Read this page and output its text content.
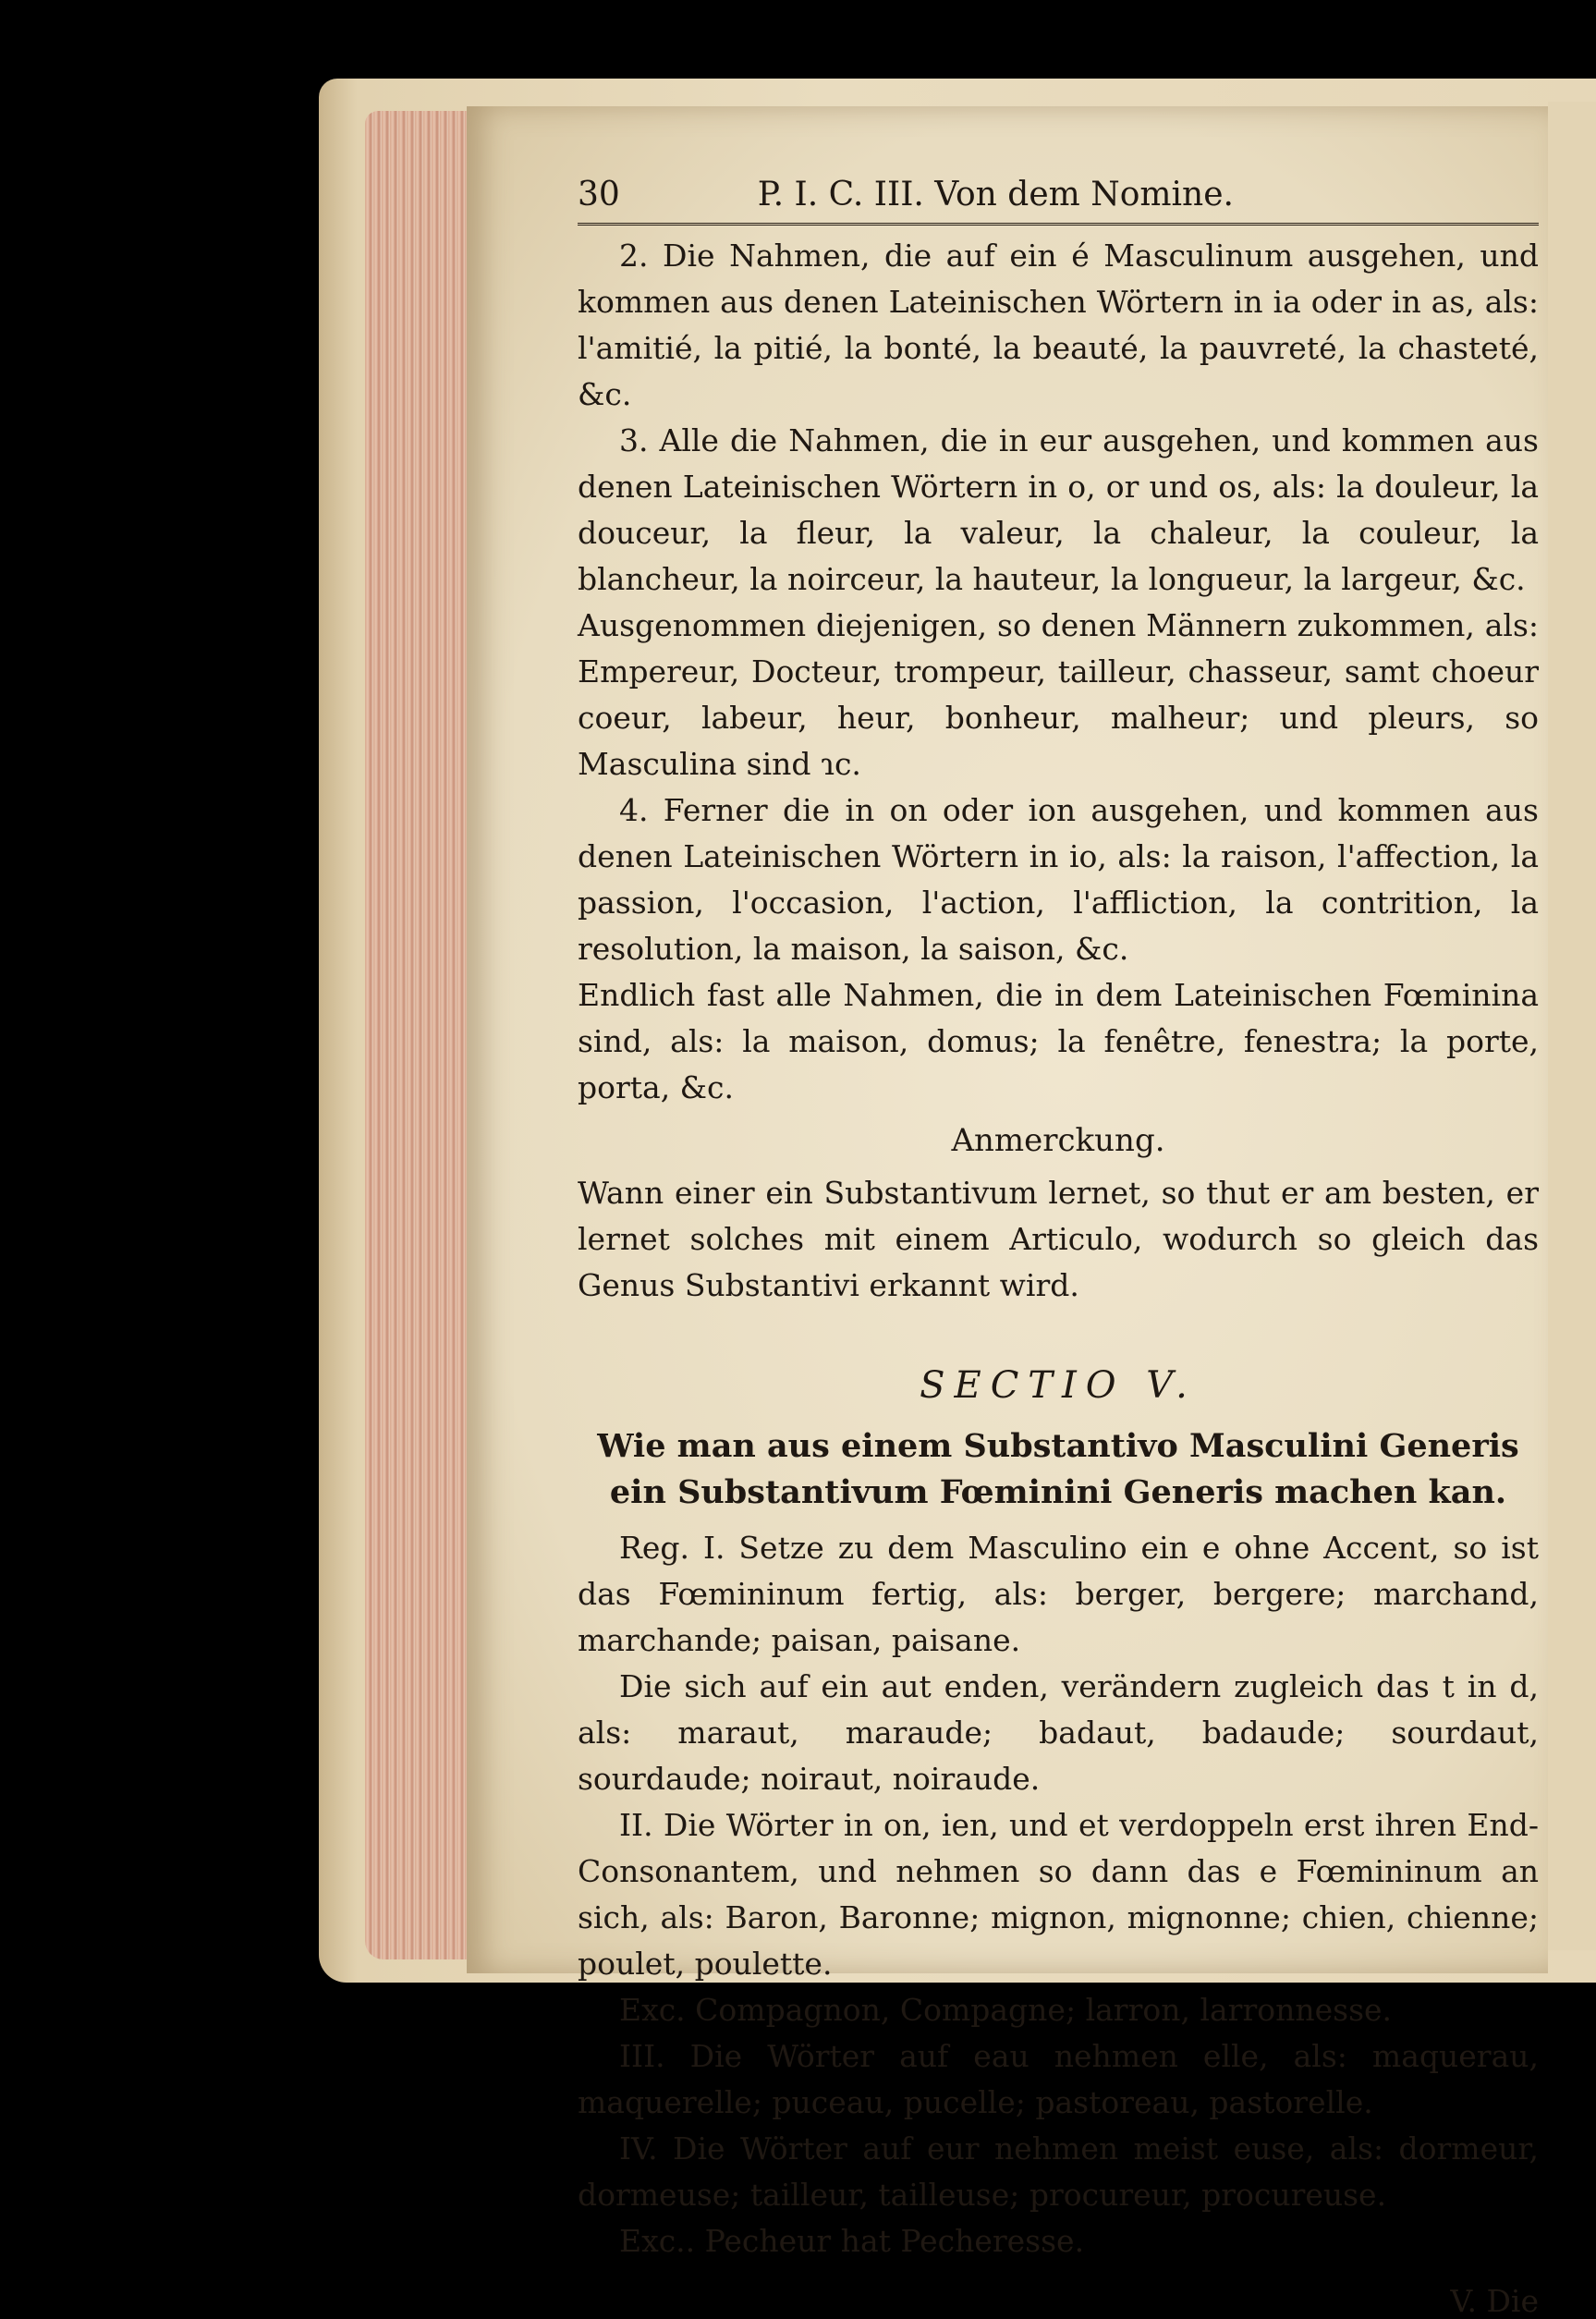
30	P. I. C. III. Von dem Nomine.

2. Die Nahmen, die auf ein é Masculinum ausgehen, und kommen aus denen Lateinischen Wörtern in ia oder in as, als: l'amitié, la pitié, la bonté, la beauté, la pauvreté, la chasteté, &c.

3. Alle die Nahmen, die in eur ausgehen, und kommen aus denen Lateinischen Wörtern in o, or und os, als: la douleur, la douceur, la fleur, la valeur, la chaleur, la couleur, la blancheur, la noirceur, la hauteur, la longueur, la largeur, &c.

Ausgenommen diejenigen, so denen Männern zukommen, als: Empereur, Docteur, trompeur, tailleur, chasseur, samt choeur coeur, labeur, heur, bonheur, malheur; und pleurs, so Masculina sind ɿc.

4. Ferner die in on oder ion ausgehen, und kommen aus denen Lateinischen Wörtern in io, als: la raison, l'affection, la passion, l'occasion, l'action, l'affliction, la contrition, la resolution, la maison, la saison, &c.

Endlich fast alle Nahmen, die in dem Lateinischen Fœminina sind, als: la maison, domus; la fenêtre, fenestra; la porte, porta, &c.

Anmerckung.

Wann einer ein Substantivum lernet, so thut er am besten, er lernet solches mit einem Articulo, wodurch so gleich das Genus Substantivi erkannt wird.

SECTIO V.
Wie man aus einem Substantivo Masculini Generis ein Substantivum Fœminini Generis machen kan.

Reg. I. Setze zu dem Masculino ein e ohne Accent, so ist das Fœmininum fertig, als: berger, bergere; marchand, marchande; paisan, paisane.

Die sich auf ein aut enden, verändern zugleich das t in d, als: maraut, maraude; badaut, badaude; sourdaut, sourdaude; noiraut, noiraude.

II. Die Wörter in on, ien, und et verdoppeln erst ihren End-Consonantem, und nehmen so dann das e Fœmininum an sich, als: Baron, Baronne; mignon, mignonne; chien, chienne; poulet, poulette.

Exc. Compagnon, Compagne; larron, larronnesse.

III. Die Wörter auf eau nehmen elle, als: maquerau, maquerelle; puceau, pucelle; pastoreau, pastorelle.

IV. Die Wörter auf eur nehmen meist euse, als: dormeur, dormeuse; tailleur, tailleuse; procureur, procureuse.

Exc.. Pecheur hat Pecheresse.

V. Die
